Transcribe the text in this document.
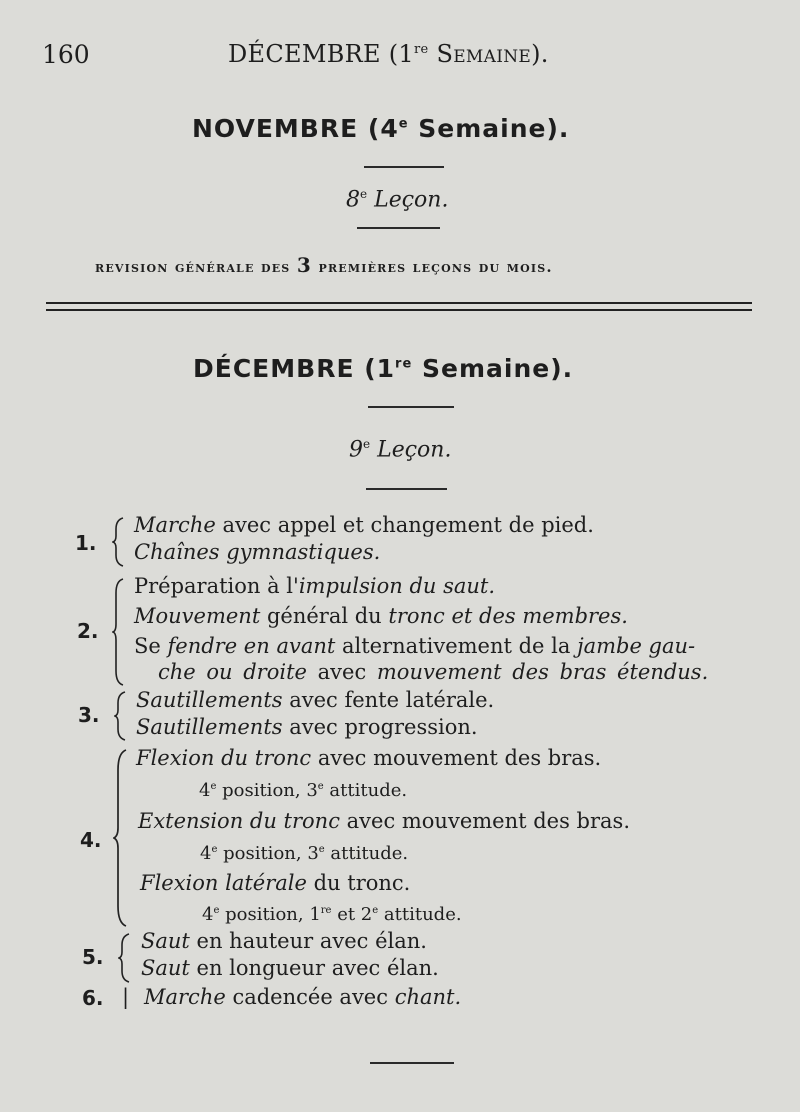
160	DÉCEMBRE (1re Semaine).
NOVEMBRE (4e Semaine).
8e Leçon.
revision générale des 3 premières leçons du mois.
DÉCEMBRE (1re Semaine).
9e Leçon.
1.
Marche avec appel et changement de pied.
Chaînes gymnastiques.
2.
Préparation à l'impulsion du saut.
Mouvement général du tronc et des membres.
Se fendre en avant alternativement de la jambe gau-
che ou droite avec mouvement des bras étendus.
3.
Sautillements avec fente latérale.
Sautillements avec progression.
4.
Flexion du tronc avec mouvement des bras.
4e position, 3e attitude.
Extension du tronc avec mouvement des bras.
4e position, 3e attitude.
Flexion latérale du tronc.
4e position, 1re et 2e attitude.
5.
Saut en hauteur avec élan.
Saut en longueur avec élan.
6. | Marche cadencée avec chant.
